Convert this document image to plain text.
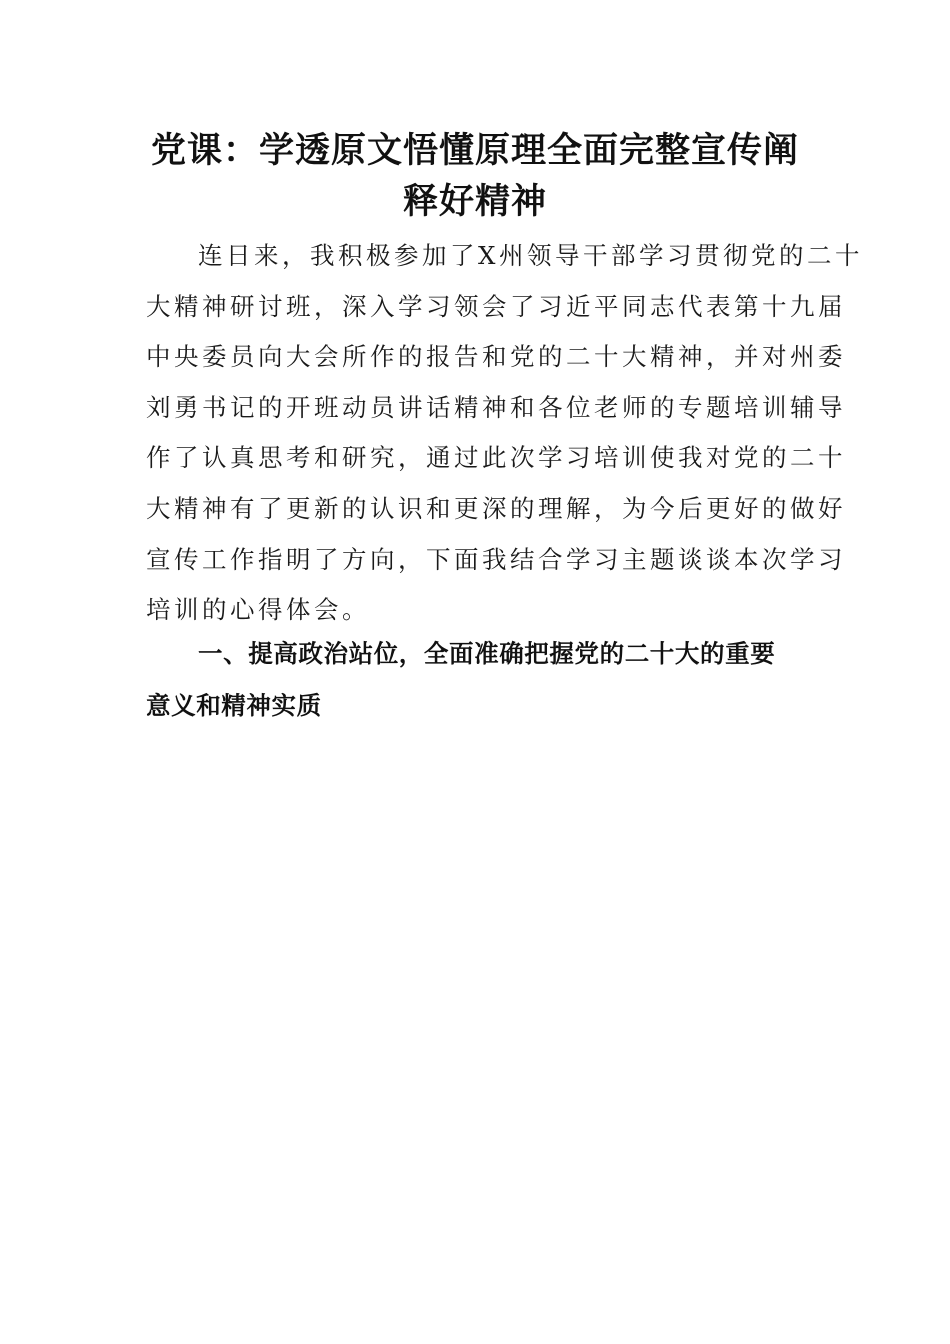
党课：学透原文悟懂原理全面完整宣传阐
释好精神

连日来，我积极参加了X州领导干部学习贯彻党的二十
大精神研讨班，深入学习领会了习近平同志代表第十九届
中央委员向大会所作的报告和党的二十大精神，并对州委
刘勇书记的开班动员讲话精神和各位老师的专题培训辅导
作了认真思考和研究，通过此次学习培训使我对党的二十
大精神有了更新的认识和更深的理解，为今后更好的做好
宣传工作指明了方向，下面我结合学习主题谈谈本次学习
培训的心得体会。

一、提高政治站位，全面准确把握党的二十大的重要
意义和精神实质
